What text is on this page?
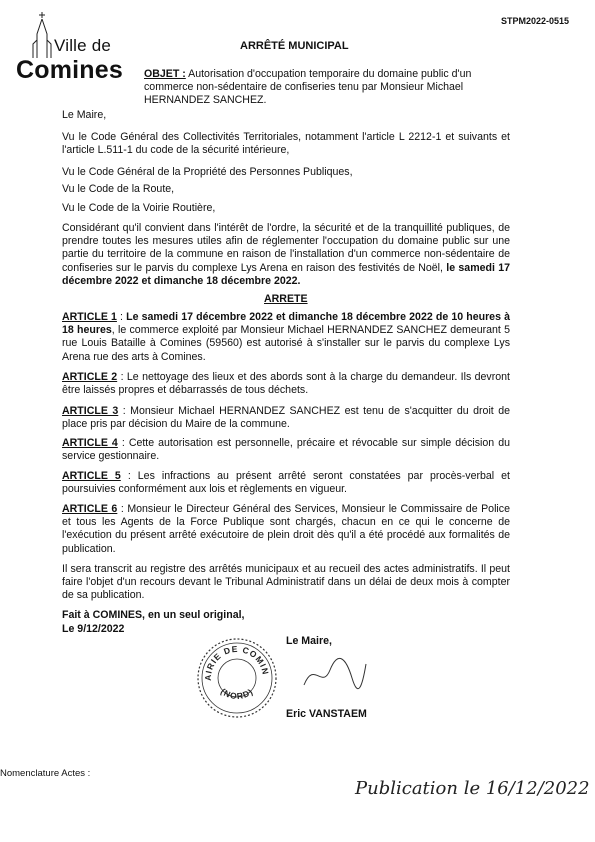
Ville de
Comines
STPM2022-0515
ARRÊTÉ MUNICIPAL
OBJET : Autorisation d'occupation temporaire du domaine public d'un commerce non-sédentaire de confiseries tenu par Monsieur Michael HERNANDEZ SANCHEZ.
Le Maire,
Vu le Code Général des Collectivités Territoriales, notamment l'article L 2212-1 et suivants et l'article L.511-1 du code de la sécurité intérieure,
Vu le Code Général de la Propriété des Personnes Publiques,
Vu le Code de la Route,
Vu le Code de la Voirie Routière,
Considérant qu'il convient dans l'intérêt de l'ordre, la sécurité et de la tranquillité publiques, de prendre toutes les mesures utiles afin de réglementer l'occupation du domaine public sur une partie du territoire de la commune en raison de l'installation d'un commerce non-sédentaire de confiseries sur le parvis du complexe Lys Arena en raison des festivités de Noël, le samedi 17 décembre 2022 et dimanche 18 décembre 2022.
ARRETE
ARTICLE 1 : Le samedi 17 décembre 2022 et dimanche 18 décembre 2022 de 10 heures à 18 heures, le commerce exploité par Monsieur Michael HERNANDEZ SANCHEZ demeurant 5 rue Louis Bataille à Comines (59560) est autorisé à s'installer sur le parvis du complexe Lys Arena rue des arts à Comines.
ARTICLE 2 : Le nettoyage des lieux et des abords sont à la charge du demandeur. Ils devront être laissés propres et débarrassés de tous déchets.
ARTICLE 3 : Monsieur Michael HERNANDEZ SANCHEZ est tenu de s'acquitter du droit de place pris par décision du Maire de la commune.
ARTICLE 4 : Cette autorisation est personnelle, précaire et révocable sur simple décision du service gestionnaire.
ARTICLE 5 : Les infractions au présent arrêté seront constatées par procès-verbal et poursuivies conformément aux lois et règlements en vigueur.
ARTICLE 6 : Monsieur le Directeur Général des Services, Monsieur le Commissaire de Police et tous les Agents de la Force Publique sont chargés, chacun en ce qui le concerne de l'exécution du présent arrêté exécutoire de plein droit dès qu'il a été procédé aux formalités de publication.
Il sera transcrit au registre des arrêtés municipaux et au recueil des actes administratifs. Il peut faire l'objet d'un recours devant le Tribunal Administratif dans un délai de deux mois à compter de sa publication.
Fait à COMINES, en un seul original,
Le 9/12/2022
Le Maire,
AIRIE DE COMIN
(NORD)
Eric VANSTAEM
Nomenclature Actes :
Publication le 16/12/2022
